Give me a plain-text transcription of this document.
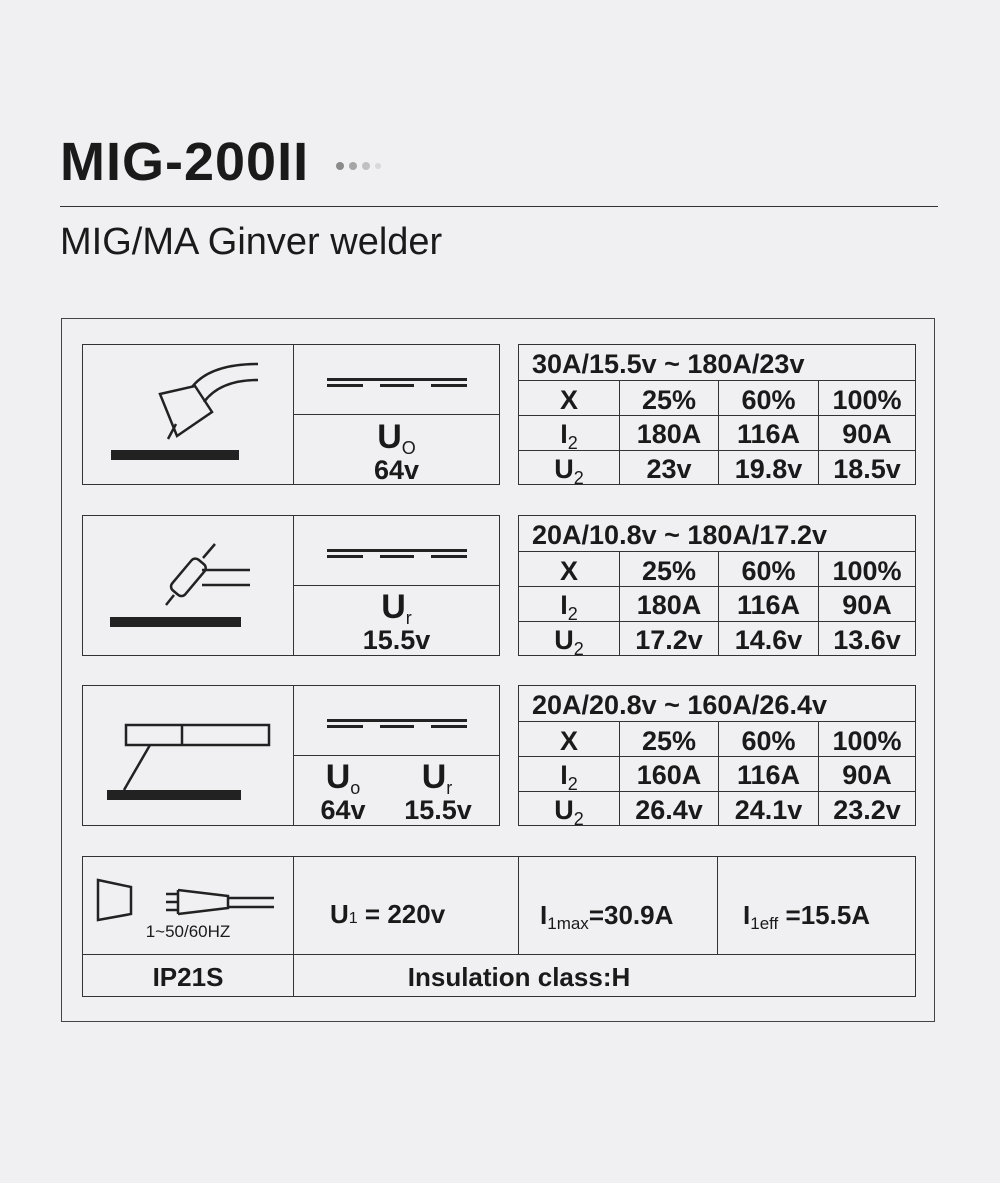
MIG-200II
MIG/MA Ginver welder
UO
64v
30A/15.5v ~ 180A/23v
X	25%	60%	100%
$I_2$	180A	116A	90A
$U_2$	23v	19.8v	18.5v
Ur
15.5v
20A/10.8v ~ 180A/17.2v
X	25%	60%	100%
$I_2$	180A	116A	90A
$U_2$	17.2v	14.6v	13.6v
Uo	Ur
64v	15.5v
20A/20.8v ~ 160A/26.4v
X	25%	60%	100%
$I_2$	160A	116A	90A
$U_2$	26.4v	24.1v	23.2v
1~50/60HZ
U1 = 220v	I1max=30.9A	I1eff =15.5A
IP21S	Insulation class:H
